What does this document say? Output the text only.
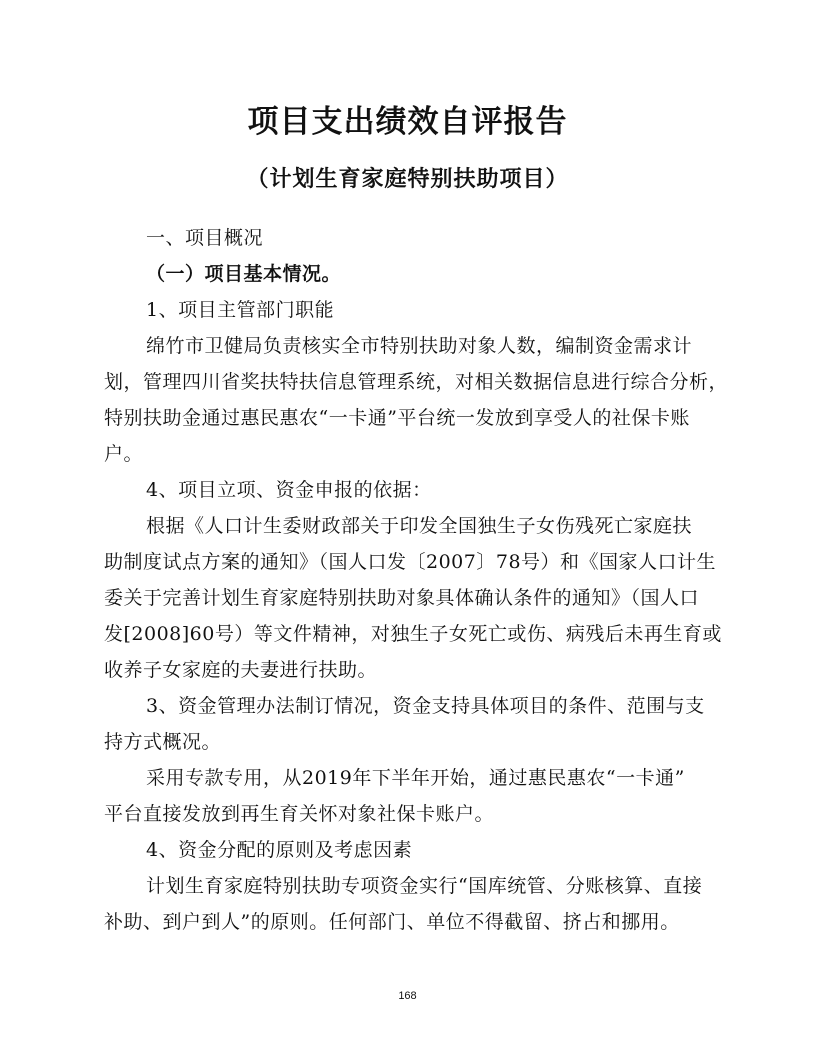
项目支出绩效自评报告
（计划生育家庭特别扶助项目）
一、项目概况
（一）项目基本情况。
1、项目主管部门职能
绵竹市卫健局负责核实全市特别扶助对象人数，编制资金需求计
划，管理四川省奖扶特扶信息管理系统，对相关数据信息进行综合分析，
特别扶助金通过惠民惠农“一卡通”平台统一发放到享受人的社保卡账
户。
4、项目立项、资金申报的依据：
根据《人口计生委财政部关于印发全国独生子女伤残死亡家庭扶
助制度试点方案的通知》（国人口发〔2007〕78号）和《国家人口计生
委关于完善计划生育家庭特别扶助对象具体确认条件的通知》（国人口
发[2008]60号）等文件精神，对独生子女死亡或伤、病残后未再生育或
收养子女家庭的夫妻进行扶助。
3、资金管理办法制订情况，资金支持具体项目的条件、范围与支
持方式概况。
采用专款专用，从2019年下半年开始，通过惠民惠农“一卡通”
平台直接发放到再生育关怀对象社保卡账户。
4、资金分配的原则及考虑因素
计划生育家庭特别扶助专项资金实行“国库统管、分账核算、直接
补助、到户到人”的原则。任何部门、单位不得截留、挤占和挪用。
168
